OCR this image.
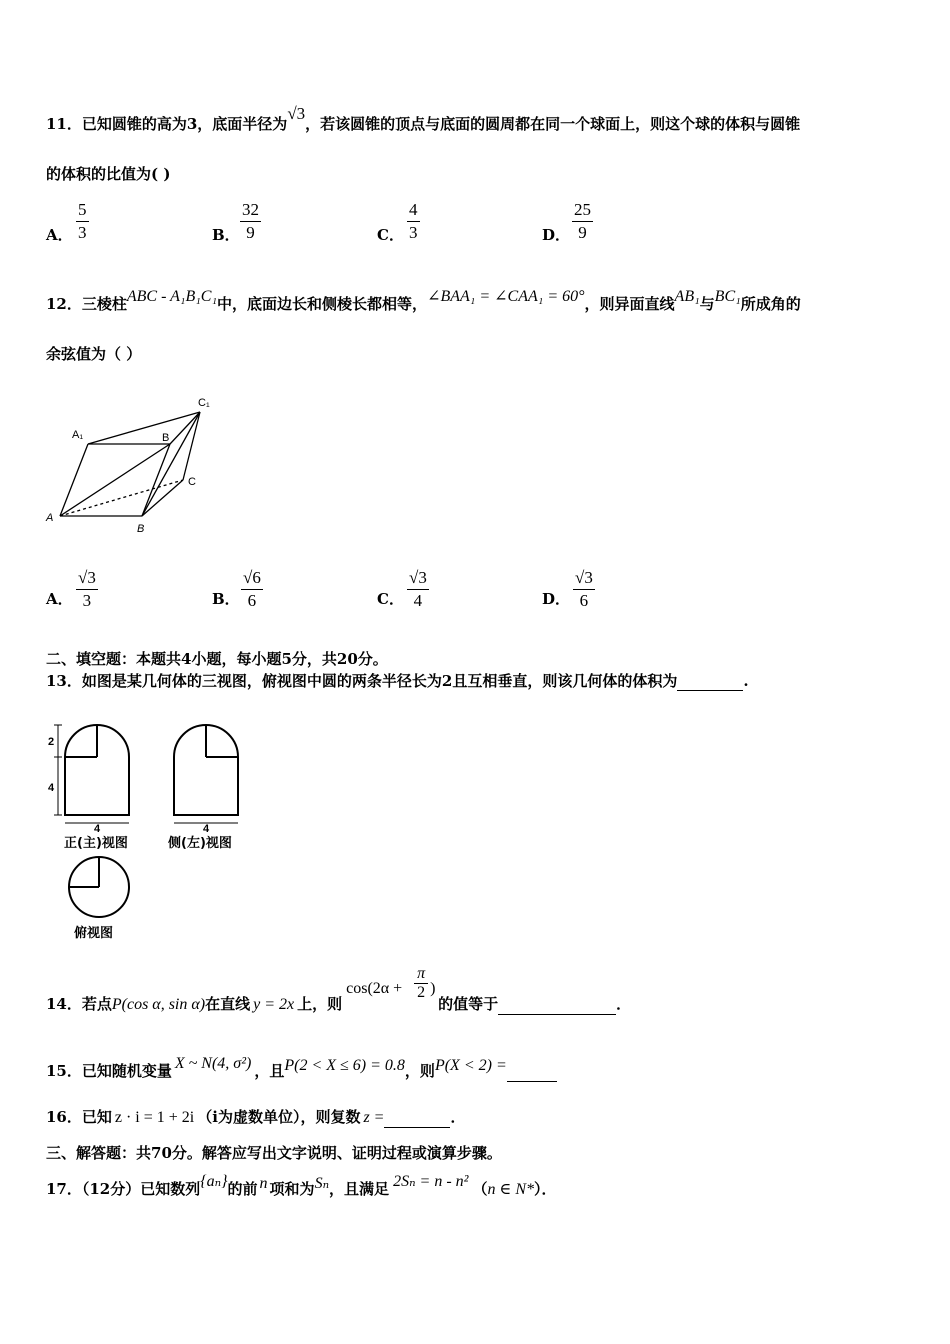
11．已知圆锥的高为3，底面半径为√3，若该圆锥的顶点与底面的圆周都在同一个球面上，则这个球的体积与圆锥
的体积的比值为( )
A． $\frac{5}{3}$	B． $\frac{32}{9}$	C． $\frac{4}{3}$	D． $\frac{25}{9}$
12．三棱柱ABC - A₁B₁C₁中，底面边长和侧棱长都相等，∠BAA₁ = ∠CAA₁ = 60°，则异面直线AB₁与BC₁所成角的
余弦值为（ ）
A₁	B
C₁
C
A
B
A． $\frac{√3}{3}$	B． $\frac{√6}{6}$	C． $\frac{√3}{4}$	D． $\frac{√3}{6}$
二、填空题：本题共4小题，每小题5分，共20分。
13．如图是某几何体的三视图，俯视图中圆的两条半径长为2且互相垂直，则该几何体的体积为	.
2
4
4	4
正(主)视图	侧(左)视图
俯视图
14．若点P(cos α, sin α)在直线 y = 2x 上，则
cos(2α +
π
2 )
的值等于	．
15．已知随机变量 X ~ N(4, σ²) ，且P(2 < X ≤ 6) = 0.8，则P(X < 2) =
16．已知 z · i = 1 + 2i （i为虚数单位），则复数 z =	．
三、解答题：共70分。解答应写出文字说明、证明过程或演算步骤。
17．（12分）已知数列{aₙ}的前 n 项和为Sₙ，且满足 2Sₙ = n - n² （n ∈ N*）．
